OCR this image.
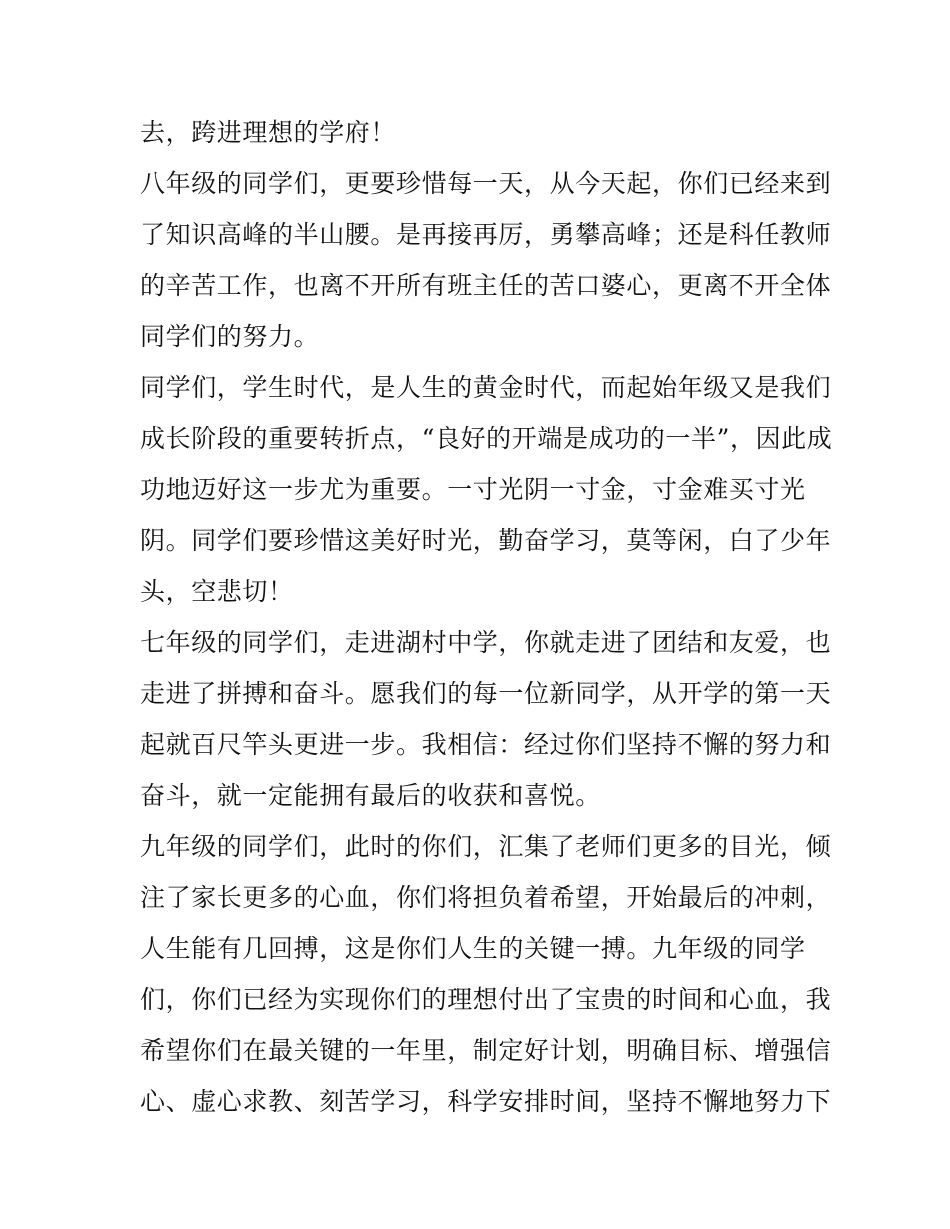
去，跨进理想的学府！
八年级的同学们，更要珍惜每一天，从今天起，你们已经来到
了知识高峰的半山腰。是再接再厉，勇攀高峰；还是科任教师
的辛苦工作，也离不开所有班主任的苦口婆心，更离不开全体
同学们的努力。
同学们，学生时代，是人生的黄金时代，而起始年级又是我们
成长阶段的重要转折点，“良好的开端是成功的一半”，因此成
功地迈好这一步尤为重要。一寸光阴一寸金，寸金难买寸光
阴。同学们要珍惜这美好时光，勤奋学习，莫等闲，白了少年
头，空悲切！
七年级的同学们，走进湖村中学，你就走进了团结和友爱，也
走进了拼搏和奋斗。愿我们的每一位新同学，从开学的第一天
起就百尺竿头更进一步。我相信：经过你们坚持不懈的努力和
奋斗，就一定能拥有最后的收获和喜悦。
九年级的同学们，此时的你们，汇集了老师们更多的目光，倾
注了家长更多的心血，你们将担负着希望，开始最后的冲刺，
人生能有几回搏，这是你们人生的关键一搏。九年级的同学
们，你们已经为实现你们的理想付出了宝贵的时间和心血，我
希望你们在最关键的一年里，制定好计划，明确目标、增强信
心、虚心求教、刻苦学习，科学安排时间，坚持不懈地努力下
